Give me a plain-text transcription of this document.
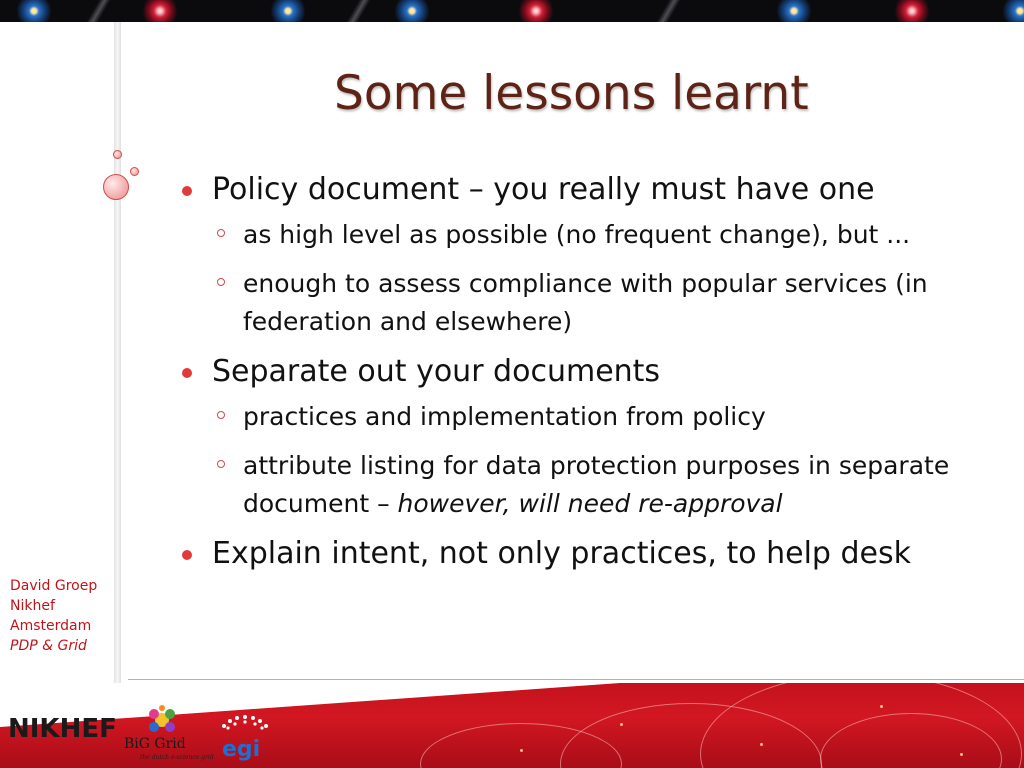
Some lessons learnt
Policy document – you really must have one
as high level as possible (no frequent change), but ...
enough to assess compliance with popular services (in federation and elsewhere)
Separate out your documents
practices and implementation from policy
attribute listing for data protection purposes in separate document – however, will need re-approval
Explain intent, not only practices, to help desk
David Groep
Nikhef
Amsterdam
PDP & Grid
NIKHEF BiG Grid
the dutch e-science grid egi
